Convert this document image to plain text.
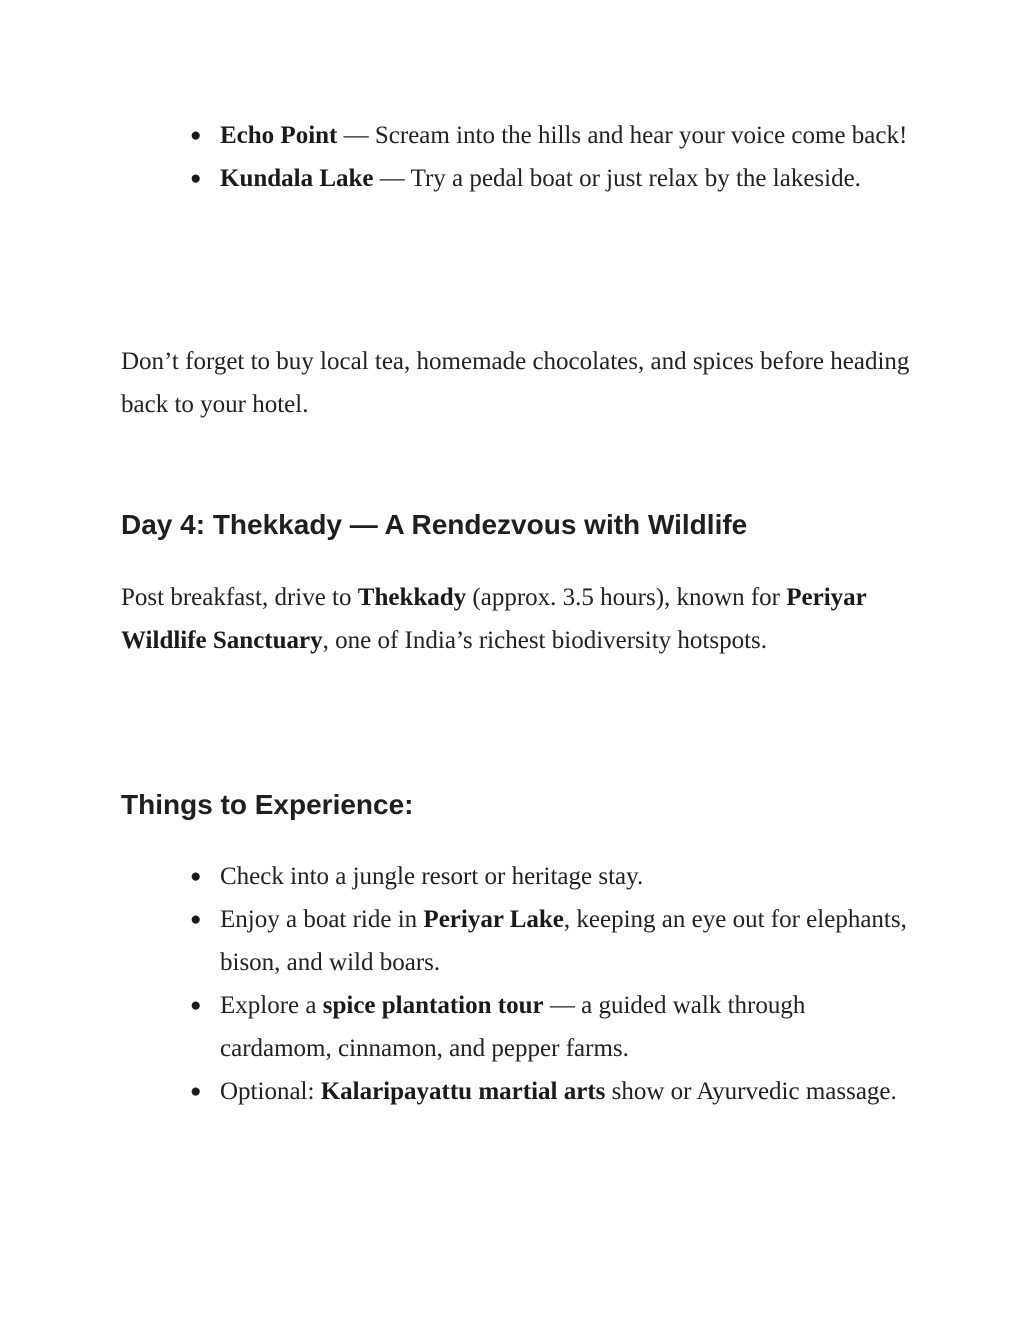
● Echo Point — Scream into the hills and hear your voice come back!
● Kundala Lake — Try a pedal boat or just relax by the lakeside.

Don’t forget to buy local tea, homemade chocolates, and spices before heading back to your hotel.

Day 4: Thekkady — A Rendezvous with Wildlife

Post breakfast, drive to Thekkady (approx. 3.5 hours), known for Periyar Wildlife Sanctuary, one of India’s richest biodiversity hotspots.

Things to Experience:
● Check into a jungle resort or heritage stay.
● Enjoy a boat ride in Periyar Lake, keeping an eye out for elephants, bison, and wild boars.
● Explore a spice plantation tour — a guided walk through cardamom, cinnamon, and pepper farms.
● Optional: Kalaripayattu martial arts show or Ayurvedic massage.
